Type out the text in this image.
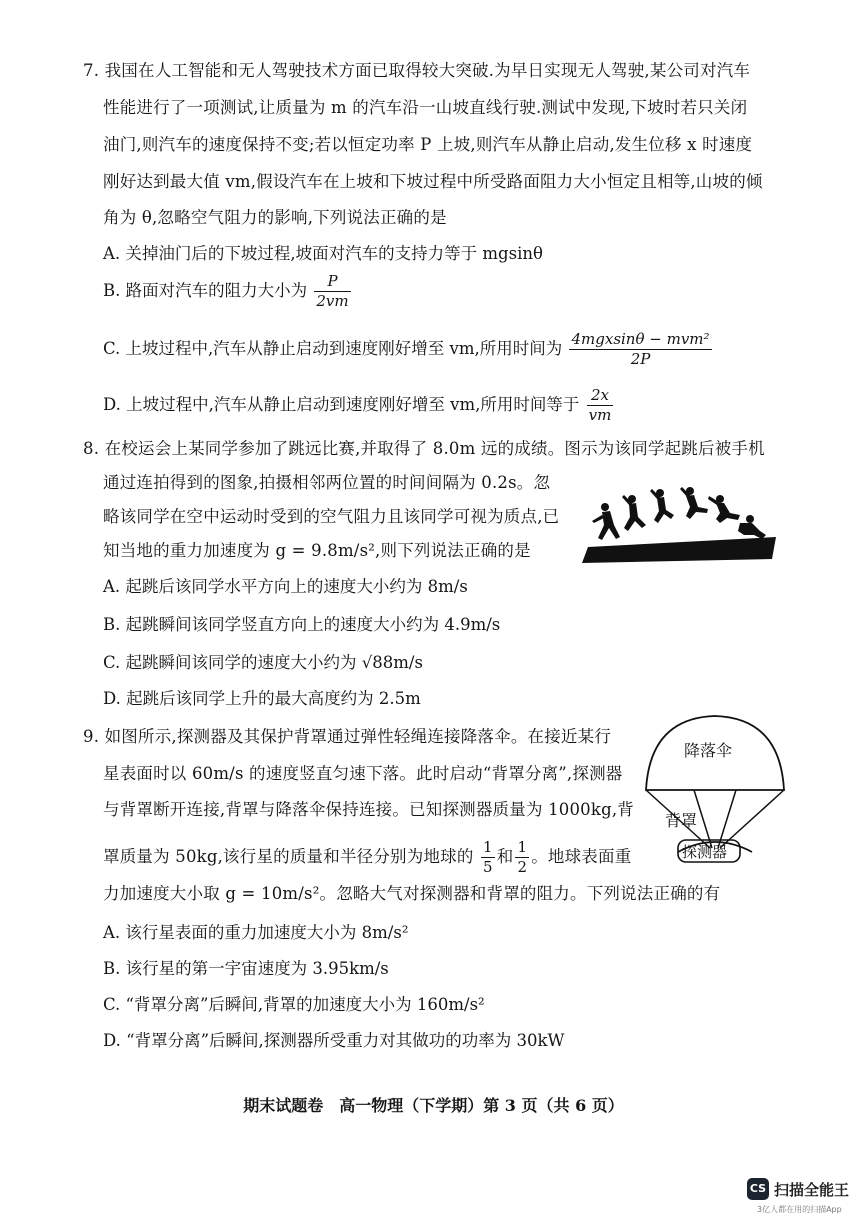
7. 我国在人工智能和无人驾驶技术方面已取得较大突破.为早日实现无人驾驶,某公司对汽车
性能进行了一项测试,让质量为 m 的汽车沿一山坡直线行驶.测试中发现,下坡时若只关闭
油门,则汽车的速度保持不变;若以恒定功率 P 上坡,则汽车从静止启动,发生位移 x 时速度
刚好达到最大值 vm,假设汽车在上坡和下坡过程中所受路面阻力大小恒定且相等,山坡的倾
角为 θ,忽略空气阻力的影响,下列说法正确的是
A. 关掉油门后的下坡过程,坡面对汽车的支持力等于 mgsinθ
B. 路面对汽车的阻力大小为 $\frac{P}{2vm}$
C. 上坡过程中,汽车从静止启动到速度刚好增至 vm,所用时间为 $\frac{\text{4mgxsinθ − mvm²}}{2P}$
D. 上坡过程中,汽车从静止启动到速度刚好增至 vm,所用时间等于 $\frac{2x}{vm}$
8. 在校运会上某同学参加了跳远比赛,并取得了 8.0m 远的成绩。图示为该同学起跳后被手机
通过连拍得到的图象,拍摄相邻两位置的时间间隔为 0.2s。忽
略该同学在空中运动时受到的空气阻力且该同学可视为质点,已
知当地的重力加速度为 g = 9.8m/s²,则下列说法正确的是
A. 起跳后该同学水平方向上的速度大小约为 8m/s
B. 起跳瞬间该同学竖直方向上的速度大小约为 4.9m/s
C. 起跳瞬间该同学的速度大小约为 √88m/s
D. 起跳后该同学上升的最大高度约为 2.5m
9. 如图所示,探测器及其保护背罩通过弹性轻绳连接降落伞。在接近某行
星表面时以 60m/s 的速度竖直匀速下落。此时启动“背罩分离”,探测器
与背罩断开连接,背罩与降落伞保持连接。已知探测器质量为 1000kg,背
罩质量为 50kg,该行星的质量和半径分别为地球的 $\frac{1}{5}$ 和 $\frac{1}{2}$ 。地球表面重
力加速度大小取 g = 10m/s²。忽略大气对探测器和背罩的阻力。下列说法正确的有
降落伞
背罩
探测器
A. 该行星表面的重力加速度大小为 8m/s²
B. 该行星的第一宇宙速度为 3.95km/s
C. “背罩分离”后瞬间,背罩的加速度大小为 160m/s²
D. “背罩分离”后瞬间,探测器所受重力对其做功的功率为 30kW
期末试题卷　高一物理（下学期）第 3 页（共 6 页）
CS 扫描全能王
3亿人都在用的扫描App
